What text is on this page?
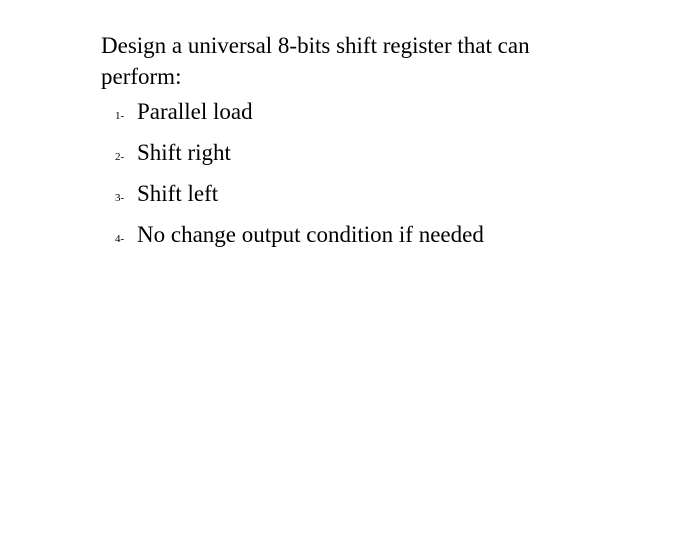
Design a universal 8-bits shift register that can perform:

1- Parallel load
2- Shift right
3- Shift left
4- No change output condition if needed
